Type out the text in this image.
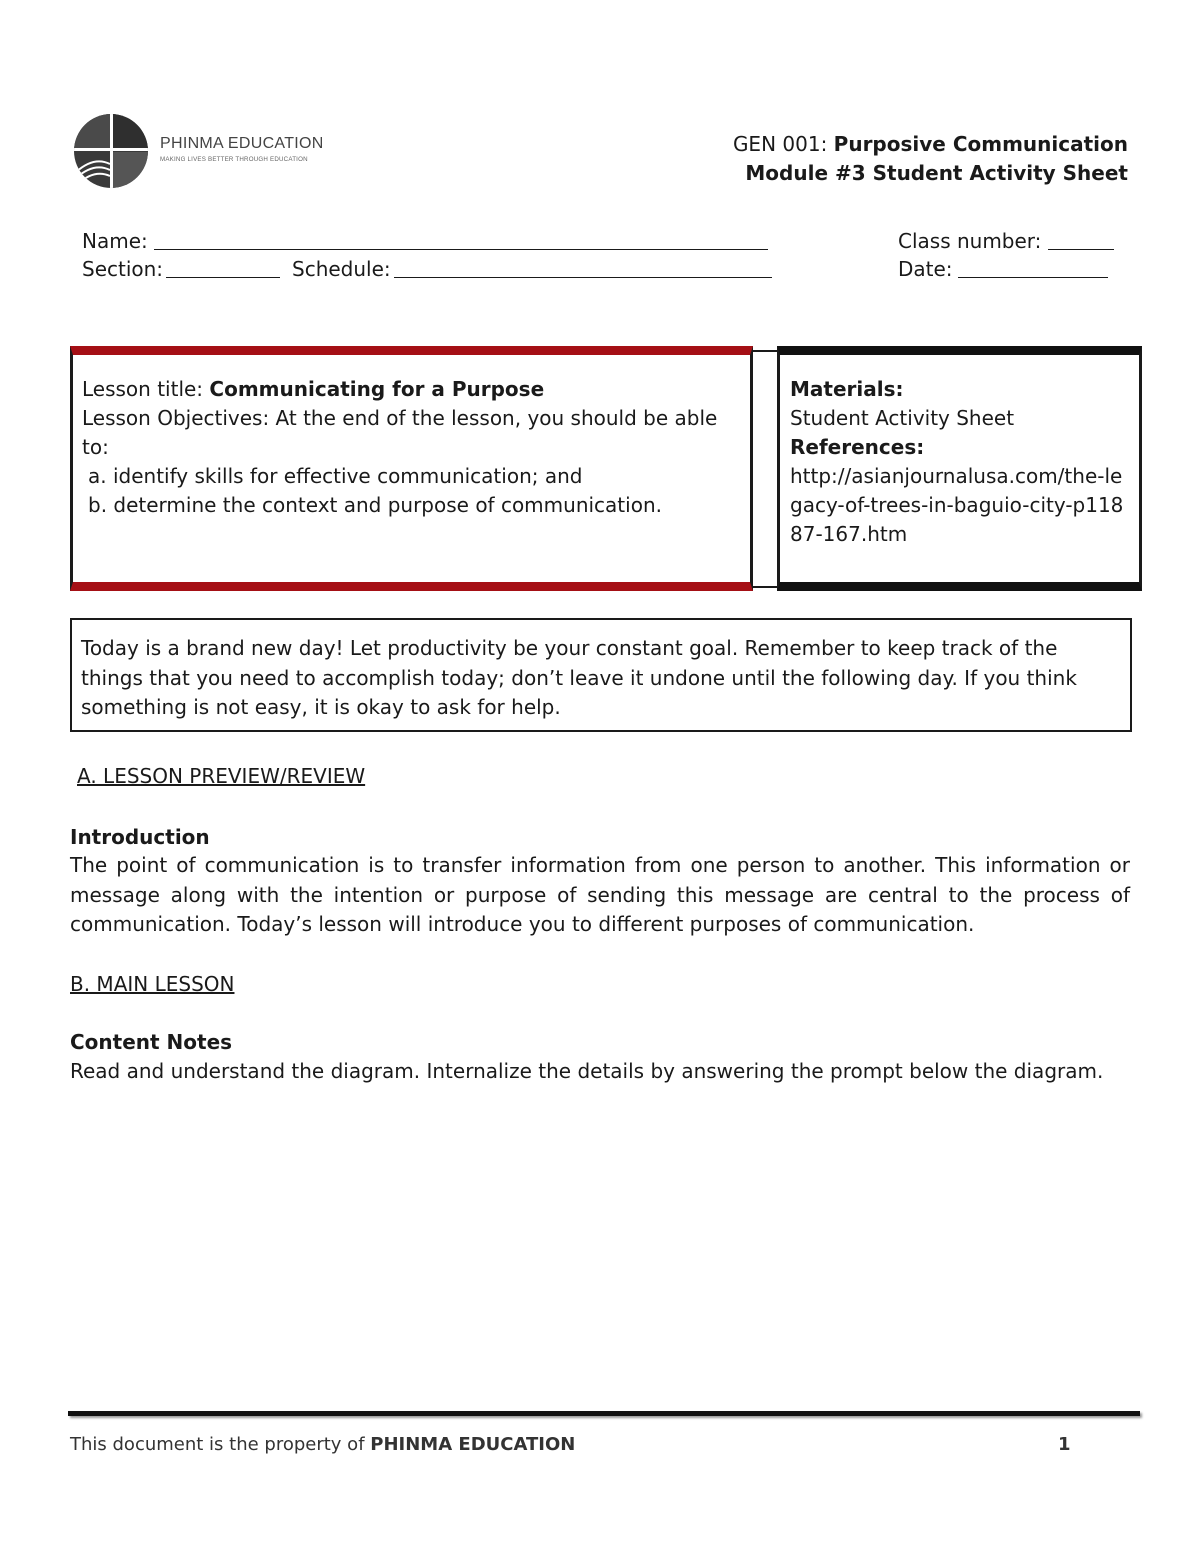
PHINMA EDUCATION
MAKING LIVES BETTER THROUGH EDUCATION
GEN 001: Purposive Communication
Module #3 Student Activity Sheet
Name:	Class number:
Section:	Schedule:	Date:
Lesson title: Communicating for a Purpose
Lesson Objectives: At the end of the lesson, you should be able to:
a. identify skills for effective communication; and
b. determine the context and purpose of communication.
Materials:
Student Activity Sheet
References:
http://asianjournalusa.com/the-le
gacy-of-trees-in-baguio-city-p118
87-167.htm
Today is a brand new day! Let productivity be your constant goal. Remember to keep track of the things that you need to accomplish today; don’t leave it undone until the following day. If you think something is not easy, it is okay to ask for help.
A. LESSON PREVIEW/REVIEW
Introduction
The point of communication is to transfer information from one person to another. This information or message along with the intention or purpose of sending this message are central to the process of communication. Today’s lesson will introduce you to different purposes of communication.
B. MAIN LESSON
Content Notes
Read and understand the diagram. Internalize the details by answering the prompt below the diagram.
This document is the property of PHINMA EDUCATION	1
